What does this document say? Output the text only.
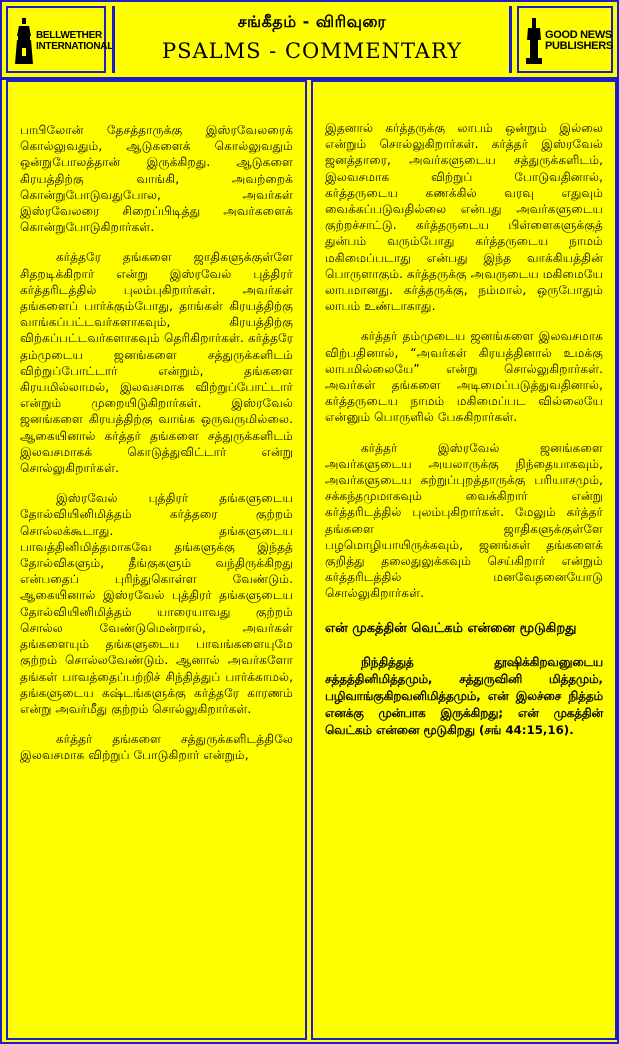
BELLWETHER
INTERNATIONAL
சங்கீதம் - விரிவுரை
PSALMS - COMMENTARY
GOOD NEWS
PUBLISHERS

பாபிலோன் தேசத்தாருக்கு இஸ்ரவேலரைக் கொல்லுவதும், ஆடுகளைக் கொல்லுவதும் ஒன்றுபோலத்தான் இருக்கிறது. ஆடுகளை கிரயத்திற்கு வாங்கி, அவற்றைக் கொன்றுபோடுவதுபோல, அவர்கள் இஸ்ரவேலரை சிறைப்பிடித்து அவர்களைக் கொன்றுபோடுகிறார்கள்.

கர்த்தரே தங்களை ஜாதிகளுக்குள்ளே சிதறடிக்கிறார் என்று இஸ்ரவேல் புத்திரர் கர்த்தரிடத்தில் புலம்புகிறார்கள். அவர்கள் தங்களைப் பார்க்கும்போது, தாங்கள் கிரயத்திற்கு வாங்கப்பட்டவர்களாகவும், கிரயத்திற்கு விற்கப்பட்டவர்களாகவும் தெரிகிறார்கள். கர்த்தரே தம்முடைய ஜனங்களை சத்துருக்களிடம் விற்றுப்போட்டார் என்றும், தங்களை கிரயமில்லாமல், இலவசமாக விற்றுப்போட்டார் என்றும் முறையிடுகிறார்கள். இஸ்ரவேல் ஜனங்களை கிரயத்திற்கு வாங்க ஒருவருமில்லை. ஆகையினால் கர்த்தர் தங்களை சத்துருக்களிடம் இலவசமாகக் கொடுத்துவிட்டார் என்று சொல்லுகிறார்கள்.

இஸ்ரவேல் புத்திரர் தங்களுடைய தோல்வியினிமித்தம் கர்த்தரை குற்றம் சொல்லக்கூடாது. தங்களுடைய பாவத்தினிமித்தமாகவே தங்களுக்கு இந்தத் தோல்விகளும், தீங்குகளும் வந்திருக்கிறது என்பதைப் புரிந்துகொள்ள வேண்டும். ஆகையினால் இஸ்ரவேல் புத்திரர் தங்களுடைய தோல்வியினிமித்தம் யாரையாவது குற்றம் சொல்ல வேண்டுமென்றால், அவர்கள் தங்களையும் தங்களுடைய பாவங்களையுமே குற்றம் சொல்லவேண்டும். ஆனால் அவர்களோ தங்கள் பாவத்தைப்பற்றிச் சிந்தித்துப் பார்க்காமல், தங்களுடைய கஷ்டங்களுக்கு கர்த்தரே காரணம் என்று அவர்மீது குற்றம் சொல்லுகிறார்கள்.

கர்த்தர் தங்களை சத்துருக்களிடத்திலே இலவசமாக விற்றுப் போடுகிறார் என்றும்,

இதனால் கர்த்தருக்கு லாபம் ஒன்றும் இல்லை என்றும் சொல்லுகிறார்கள். கர்த்தர் இஸ்ரவேல் ஜனத்தாரை, அவர்களுடைய சத்துருக்களிடம், இலவசமாக விற்றுப் போடுவதினால், கர்த்தருடைய கணக்கில் வரவு எதுவும் வைக்கப்படுவதில்லை என்பது அவர்களுடைய குற்றச்சாட்டு. கர்த்தருடைய பிள்ளைகளுக்குத் துன்பம் வரும்போது கர்த்தருடைய நாமம் மகிமைப்படாது என்பது இந்த வாக்கியத்தின் பொருளாகும். கர்த்தருக்கு அவருடைய மகிமையே லாபமானது. கர்த்தருக்கு, நம்மால், ஒருபோதும் லாபம் உண்டாகாது.

கர்த்தர் தம்முடைய ஜனங்களை இலவசமாக விற்பதினால், “அவர்கள் கிரயத்தினால் உமக்கு லாபமில்லையே” என்று சொல்லுகிறார்கள். அவர்கள் தங்களை அடிமைப்படுத்துவதினால், கர்த்தருடைய நாமம் மகிமைப்பட வில்லையே என்னும் பொருளில் பேசுகிறார்கள்.

கர்த்தர் இஸ்ரவேல் ஜனங்களை அவர்களுடைய அயலாருக்கு நிந்தையாகவும், அவர்களுடைய சுற்றுப்புறத்தாருக்கு பரியாசமும், சக்கந்தமுமாகவும் வைக்கிறார் என்று கர்த்தரிடத்தில் புலம்புகிறார்கள். மேலும் கர்த்தர் தங்களை ஜாதிகளுக்குள்ளே பழமொழியாயிருக்கவும், ஜனங்கள் தங்களைக் குறித்து தலைதுலுக்கவும் செய்கிறார் என்றும் கர்த்தரிடத்தில் மனவேதனையோடு சொல்லுகிறார்கள்.

என் முகத்தின் வெட்கம் என்னை மூடுகிறது

நிந்தித்துத் தூஷிக்கிறவனுடைய சத்தத்தினிமித்தமும், சத்துருவினி மித்தமும், பழிவாங்குகிறவனிமித்தமும், என் இலச்சை நித்தம் எனக்கு முன்பாக இருக்கிறது; என் முகத்தின் வெட்கம் என்னை மூடுகிறது (சங் 44:15,16).
